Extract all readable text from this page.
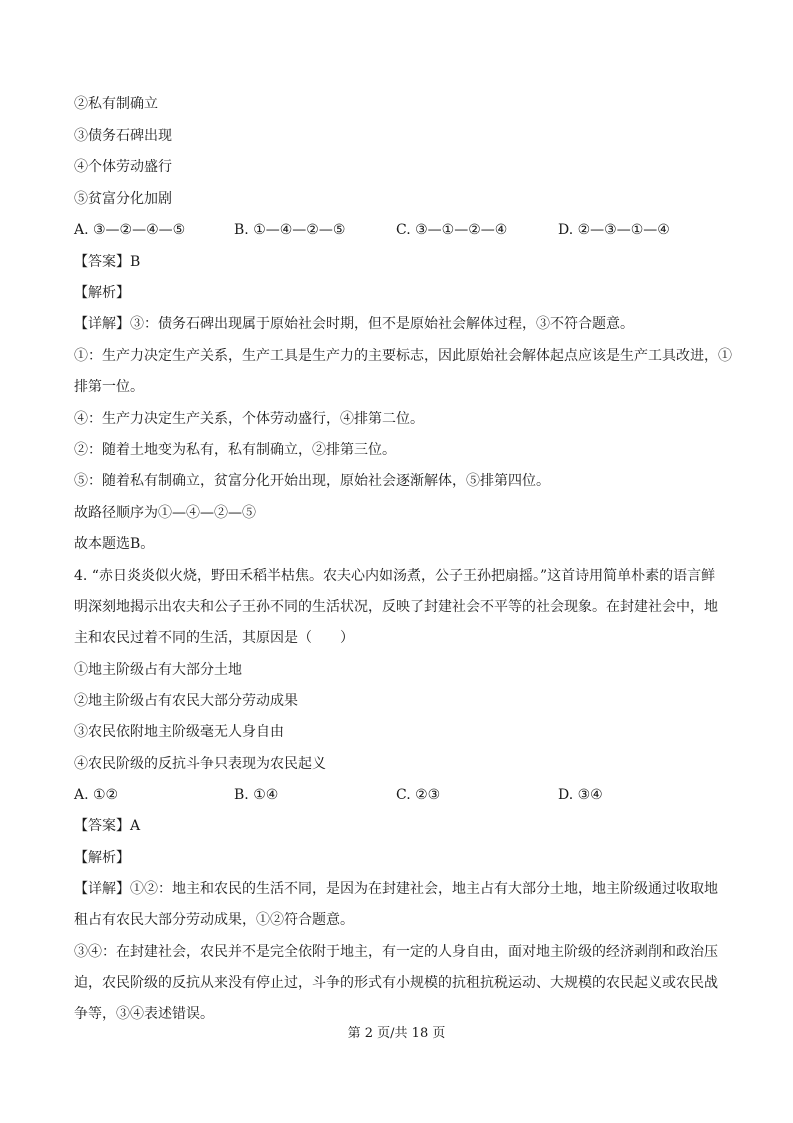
②私有制确立
③债务石碑出现
④个体劳动盛行
⑤贫富分化加剧
A. ③—②—④—⑤	B. ①—④—②—⑤	C. ③—①—②—④	D. ②—③—①—④
【答案】B
【解析】
【详解】③：债务石碑出现属于原始社会时期，但不是原始社会解体过程，③不符合题意。
①：生产力决定生产关系，生产工具是生产力的主要标志，因此原始社会解体起点应该是生产工具改进，①
排第一位。
④：生产力决定生产关系，个体劳动盛行，④排第二位。
②：随着土地变为私有，私有制确立，②排第三位。
⑤：随着私有制确立，贫富分化开始出现，原始社会逐渐解体，⑤排第四位。
故路径顺序为①—④—②—⑤
故本题选B。
4. “赤日炎炎似火烧，野田禾稻半枯焦。农夫心内如汤煮，公子王孙把扇摇。”这首诗用简单朴素的语言鲜
明深刻地揭示出农夫和公子王孙不同的生活状况，反映了封建社会不平等的社会现象。在封建社会中，地
主和农民过着不同的生活，其原因是（　　）
①地主阶级占有大部分土地
②地主阶级占有农民大部分劳动成果
③农民依附地主阶级毫无人身自由
④农民阶级的反抗斗争只表现为农民起义
A. ①②	B. ①④	C. ②③	D. ③④
【答案】A
【解析】
【详解】①②：地主和农民的生活不同，是因为在封建社会，地主占有大部分土地，地主阶级通过收取地
租占有农民大部分劳动成果，①②符合题意。
③④：在封建社会，农民并不是完全依附于地主，有一定的人身自由，面对地主阶级的经济剥削和政治压
迫，农民阶级的反抗从来没有停止过，斗争的形式有小规模的抗租抗税运动、大规模的农民起义或农民战
争等，③④表述错误。
第 2 页/共 18 页
